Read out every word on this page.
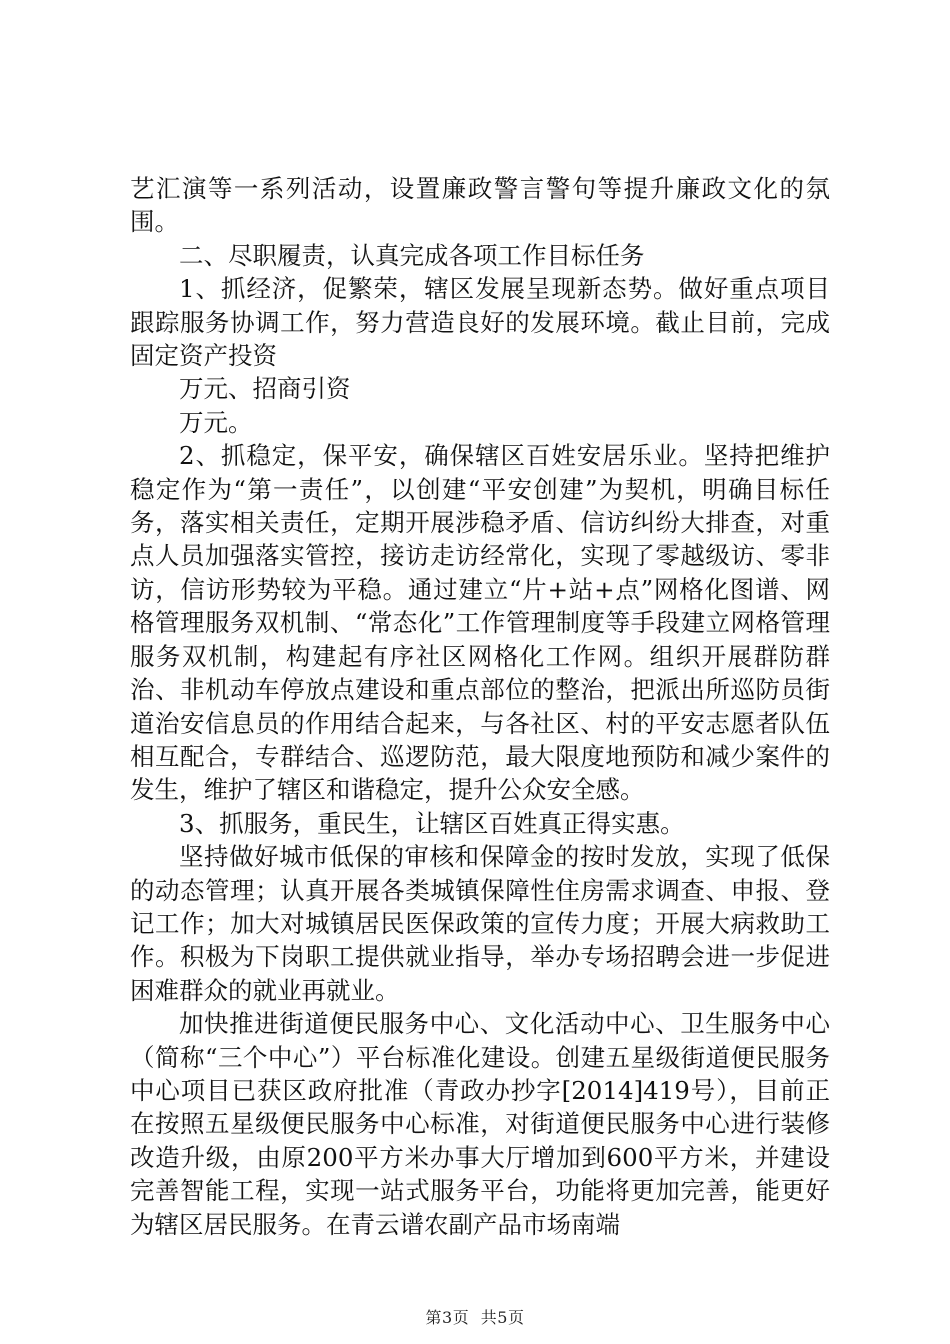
艺汇演等一系列活动，设置廉政警言警句等提升廉政文化的氛围。

二、尽职履责，认真完成各项工作目标任务

1、抓经济，促繁荣，辖区发展呈现新态势。做好重点项目跟踪服务协调工作，努力营造良好的发展环境。截止目前，完成固定资产投资

万元、招商引资

万元。

2、抓稳定，保平安，确保辖区百姓安居乐业。坚持把维护稳定作为“第一责任”，以创建“平安创建”为契机，明确目标任务，落实相关责任，定期开展涉稳矛盾、信访纠纷大排查，对重点人员加强落实管控，接访走访经常化，实现了零越级访、零非访，信访形势较为平稳。通过建立“片+站+点”网格化图谱、网格管理服务双机制、“常态化”工作管理制度等手段建立网格管理服务双机制，构建起有序社区网格化工作网。组织开展群防群治、非机动车停放点建设和重点部位的整治，把派出所巡防员街道治安信息员的作用结合起来，与各社区、村的平安志愿者队伍相互配合，专群结合、巡逻防范，最大限度地预防和减少案件的发生，维护了辖区和谐稳定，提升公众安全感。

3、抓服务，重民生，让辖区百姓真正得实惠。

坚持做好城市低保的审核和保障金的按时发放，实现了低保的动态管理；认真开展各类城镇保障性住房需求调查、申报、登记工作；加大对城镇居民医保政策的宣传力度；开展大病救助工作。积极为下岗职工提供就业指导，举办专场招聘会进一步促进困难群众的就业再就业。

加快推进街道便民服务中心、文化活动中心、卫生服务中心（简称“三个中心”）平台标准化建设。创建五星级街道便民服务中心项目已获区政府批准（青政办抄字[2014]419号），目前正在按照五星级便民服务中心标准，对街道便民服务中心进行装修改造升级，由原200平方米办事大厅增加到600平方米，并建设完善智能工程，实现一站式服务平台，功能将更加完善，能更好为辖区居民服务。在青云谱农副产品市场南端

第3页 共5页
